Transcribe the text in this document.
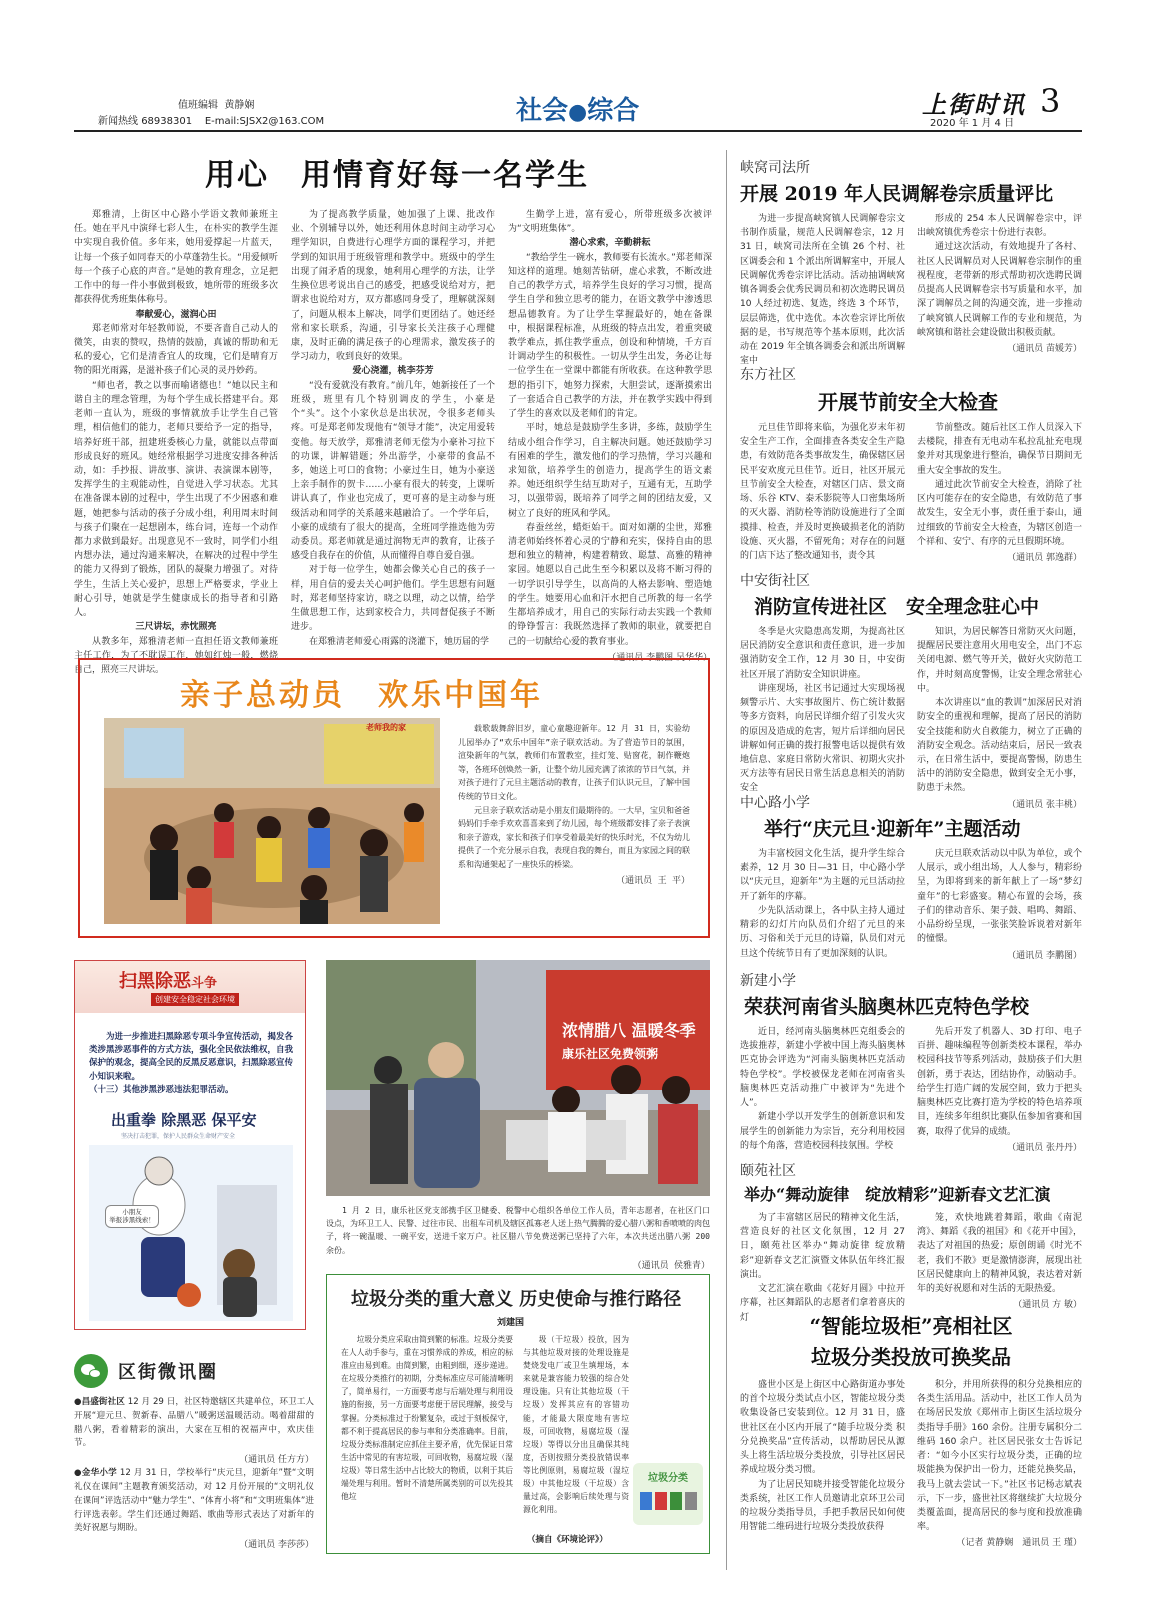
值班编辑 黄静娴
新闻热线 68938301 E-mail:SJSX2@163.COM	社会●综合	上街时讯 3
2020 年 1 月 4 日
用心　用情育好每一名学生

郑雅清，上街区中心路小学语文教师兼班主任。她在平凡中演绎七彩人生，在朴实的教学生涯中实现自我价值。多年来，她用爱撑起一片蓝天，让每一个孩子如同春天的小草蓬勃生长。“用爱倾听每一个孩子心底的声音。”是她的教育理念，立足把工作中的每一件小事做到极致，她所带的班级多次都获得优秀班集体称号。

奉献爱心，滋润心田

郑老师常对年轻教师说，不要吝啬自己动人的微笑，由衷的赞叹，热情的鼓励，真诚的帮助和无私的爱心，它们是清香宜人的玫瑰，它们是晴育万物的阳光雨露，是滋补孩子们心灵的灵丹妙药。

“师也者，教之以事而喻诸德也！”她以民主和谐自主的理念管理，为每个学生成长搭建平台。郑老师一直认为，班级的事情就放手让学生自己管理，相信他们的能力，老师只要给予一定的指导，培养好班干部，扭建班委核心力量，就能以点带面形成良好的班风。她经常根据学习进度安排各种活动，如：手抄报、讲故事、演讲、表演课本剧等，发挥学生的主观能动性，自觉进入学习状态。尤其在准备课本剧的过程中，学生出现了不少困惑和难题，她把参与活动的孩子分成小组，利用周末时间与孩子们聚在一起想剧本，练台词，连每一个动作都力求做到最好。出现意见不一致时，同学们小组内想办法，通过沟通来解决，在解决的过程中学生的能力又得到了锻炼，团队的凝聚力增强了。对待学生，生活上关心爱护，思想上严格要求，学业上耐心引导，她就是学生健康成长的指导者和引路人。

三尺讲坛，赤忱照亮

从教多年，郑雅清老师一直担任语文教师兼班主任工作，为了不耽误工作，她如红烛一般，燃烧自己，照亮三尺讲坛。

为了提高教学质量，她加强了上课、批改作业、个别辅导以外，她还利用休息时间主动学习心理学知识，自费进行心理学方面的课程学习，并把学到的知识用于班级管理和教学中。班级中的学生出现了闹矛盾的现象，她利用心理学的方法，让学生换位思考说出自己的感受，把感受说给对方，把谓求也说给对方，双方都感同身受了，理解就深刻了，问题从根本上解决，同学们更团结了。她还经常和家长联系，沟通，引导家长关注孩子心理健康，及时正确的满足孩子的心理需求，激发孩子的学习动力，收到良好的效果。

爱心浇灌，桃李芬芳

“没有爱就没有教育。”前几年，她新接任了一个班级，班里有几个特别调皮的学生，小豪是个“头”。这个小家伙总是出状况，令很多老师头疼。可是郑老师发现他有“领导才能”，决定用爱转变他。每天放学，郑雅清老师无偿为小豪补习拉下的功课，讲解错题；外出游学，小豪带的食品不多，她送上可口的食物；小豪过生日，她为小豪送上亲手制作的贺卡……小豪有很大的转变，上课听讲认真了，作业也完成了，更可喜的是主动参与班级活动和同学的关系越来越融洽了。一个学年后，小豪的成绩有了很大的提高，全班同学推选他为劳动委员。郑老师就是通过润物无声的教育，让孩子感受自我存在的价值，从而懂得自尊自爱自强。

对于每一位学生，她都会像关心自己的孩子一样，用自信的爱去关心呵护他们。学生思想有问题时，郑老师坚持家访，晓之以理，动之以情，给学生做思想工作，达到家校合力，共同督促孩子不断进步。

在郑雅清老师爱心雨露的浇灌下，她历届的学

生勤学上进，富有爱心，所带班级多次被评为“文明班集体”。

潜心求索，辛勤耕耘

“教给学生一碗水，教师要有长流水。”郑老师深知这样的道理。她刻苦钻研，虚心求教，不断改进自己的教学方式，培养学生良好的学习习惯，提高学生自学和独立思考的能力，在语文教学中渗透思想品德教育。为了让学生掌握最好的，她在备课中，根据课程标准，从班级的特点出发，着重突破教学难点，抓住教学重点，创设和种情境，千方百计调动学生的积极性。一切从学生出发，务必让每一位学生在一堂课中都能有所收获。在这种教学思想的指引下，她努力探索，大胆尝试，逐渐摸索出了一套适合自己教学的方法，并在教学实践中得到了学生的喜欢以及老师们的肯定。

平时，她总是鼓励学生多讲，多练，鼓励学生结成小组合作学习，自主解决问题。她还鼓励学习有困难的学生，激发他们的学习热情，学习兴趣和求知欲，培养学生的创造力，提高学生的语文素养。她还组织学生结互助对子，互通有无，互助学习，以强带弱，既培养了同学之间的团结友爱，又树立了良好的班风和学风。

春蚕丝丝，蜡炬始干。面对如潮的尘世，郑雅清老师始终怀着心灵的宁静和充实，保持自由的思想和独立的精神，构建着精致、聪慧、高雅的精神家园。她愿以自己此生至今积累以及将不断习得的一切学识引导学生，以高尚的人格去影响、塑造她的学生。她要用心血和汗水把自己所教的每一名学生都培养成才，用自己的实际行动去实践一个教师的铮铮誓言：我既然选择了教师的职业，就要把自己的一切献给心爱的教育事业。

（通讯员 李鹏图 吴华华）
亲子总动员　欢乐中国年
老师我的家	载歌载舞辞旧岁，童心童趣迎新年。12 月 31 日，实验幼儿园举办了“欢乐中国年”亲子联欢活动。为了营造节日的氛围，渲染新年的气氛，教师们布置教室，挂灯笼、贴窗花，制作鞭炮等，各班环创焕然一新，让整个幼儿园充满了浓浓的节日气氛，并对孩子进行了元旦主题活动的教育，让孩子们认识元旦，了解中国传统的节日文化。

元旦亲子联欢活动是小朋友们最期待的。一大早，宝贝和爸爸妈妈们手牵手欢欢喜喜来到了幼儿园，每个班级都安排了亲子表演和亲子游戏，家长和孩子们享受着最美好的快乐时光，不仅为幼儿提供了一个充分展示自我，表现自我的舞台，而且为家园之间的联系和沟通架起了一座快乐的桥梁。

（通讯员 王 平）
扫黑除恶斗争
创建安全稳定社会环境

为进一步推进扫黑除恶专项斗争宣传活动，揭发各类涉黑涉恶事件的方式方法，强化全民依法维权，自我保护的观念，提高全民的反黑反恶意识，扫黑除恶宣传小知识来啦。

（十三）其他涉黑涉恶违法犯罪活动。

出重拳 除黑恶 保平安
坚决打击犯罪，保护人民群众生命财产安全
小朋友
举报涉黑线索！
浓情腊八 温暖冬季
康乐社区免费领粥

1 月 2 日，康乐社区党支部携手区卫健委、税警中心组织各单位工作人员，青年志愿者，在社区门口设点，为环卫工人、民警、过往市民、出租车司机及辖区孤寡老人送上热气腾腾的爱心腊八粥和香喷喷的肉包子，将一碗温暖、一碗平安，送进千家万户。社区腊八节免费送粥已坚持了六年，本次共送出腊八粥 200 余份。

（通讯员 侯雅青）
垃圾分类的重大意义 历史使命与推行路径
刘建国

垃圾分类应采取由简到繁的标准。垃圾分类要在人人动手参与，重在习惯养成的养成，相应的标准应由易到难。由简到繁，由粗到细，逐步递进。在垃圾分类推行的初期，分类标准应尽可能清晰明了，简单易行，一方面要考虑与后端处理与利用设施的衔接，另一方面要考虑便于居民理解，接受与掌握。分类标准过于纷繁复杂，或过于刻板保守，都不利于提高居民的参与率和分类准确率。目前，垃圾分类标准制定应抓住主要矛盾，优先保证日常生活中常见的有害垃圾，可回收物，易腐垃圾（湿垃圾）等日常生活中占比较大的物质，以利于其后端处理与利用。暂时不清楚所属类别的可以先投其他垃

圾（干垃圾）投放，因为与其他垃圾对接的处理设施是焚烧发电厂或卫生填埋场，本来就是兼容能力较强的综合处理设施。只有让其他垃圾（干垃圾）发挥其应有的容错功能，才能最大限度地有害垃圾，可回收物，易腐垃圾（湿垃圾）等得以分出且确保其纯度，否则按照分类投放错误率等比例原则，易腐垃圾（湿垃圾）中其他垃圾（干垃圾）含量过高，会影响后续处理与资源化利用。

垃圾分类
（摘自《环境论评》）
区街微讯圈
●昌盛街社区 12 月 29 日，社区特邀辖区共建单位，环卫工人开展“迎元旦、贺新春、品腊八”暖粥送温暖活动。喝着甜甜的腊八粥，看着精彩的演出，大家在互相的祝福声中，欢庆佳节。
（通讯员 任方方）
●金华小学 12 月 31 日，学校举行“庆元旦，迎新年”暨“文明礼仪在课间”主题教育颁奖活动，对 12 月份开展的“文明礼仪在课间”评选活动中“魅力学生”、“体育小将”和“文明班集体”进行评选表彰。学生们还通过舞蹈、歌曲等形式表达了对新年的美好祝愿与期盼。
（通讯员 李莎莎）
峡窝司法所
开展 2019 年人民调解卷宗质量评比

为进一步提高峡窝镇人民调解卷宗文书制作质量，规范人民调解卷宗，12 月 31 日，峡窝司法所在全镇 26 个村、社区调委会和 1 个派出所调解室中，开展人民调解优秀卷宗评比活动。活动抽调峡窝镇各调委会优秀民调员和初次选聘民调员 10 人经过初选、复选，终选 3 个环节，层层筛选，优中选优。本次卷宗评比所依据的是，书写规范等个基本原则，此次活动在 2019 年全镇各调委会和派出所调解室中

形成的 254 本人民调解卷宗中，评出峡窝镇优秀卷宗十份进行表彰。

通过这次活动，有效地提升了各村、社区人民调解员对人民调解卷宗制作的重视程度，老带新的形式帮助初次选聘民调员提高人民调解卷宗书写质量和水平，加深了调解员之间的沟通交流，进一步推动了峡窝镇人民调解工作的专业和规范，为峡窝镇和谐社会建设做出积极贡献。

（通讯员 苗媛芳）
东方社区
开展节前安全大检查

元旦佳节即将来临，为强化岁末年初安全生产工作，全面排查各类安全生产隐患，有效防范各类事故发生，确保辖区居民平安欢度元旦佳节。近日，社区开展元旦节前安全大检查，对辖区门店、景文商场、乐谷 KTV、泰禾影院等人口密集场所的灭火器、消防栓等消防设施进行了全面摸排、检查，并及时更换破损老化的消防设施、灭火器，不留死角；对存在的问题的门店下达了整改通知书，责令其

节前整改。随后社区工作人员深入下去楼院，排查有无电动车私拉乱扯充电现象并对其现象进行整治，确保节日期间无重大安全事故的发生。

通过此次节前安全大检查，消除了社区内可能存在的安全隐患，有效防范了事故发生，安全无小事，责任重于泰山，通过细致的节前安全大检查，为辖区创造一个祥和、安宁、有序的元旦假期环境。

（通讯员 郭逸群）
中安街社区
消防宣传进社区　安全理念驻心中

冬季是火灾隐患高发期，为提高社区居民消防安全意识和责任意识，进一步加强消防安全工作，12 月 30 日，中安街社区开展了消防安全知识讲座。

讲座现场，社区书记通过大实现场视频警示片、大实事故图片、伤亡统计数据等多方资料，向居民详细介绍了引发火灾的原因及造成的危害，短片后详细向居民讲解如何正确的拨打报警电话以提供有效地信息、家庭日常防火常识、初期火灾扑灭方法等有居民日常生活息息相关的消防安全

知识，为居民解答日常防灭火问题，提醒居民要注意用火用电安全，出门不忘关闭电源、燃气等开关，做好火灾防范工作，并时刻高度警惕，让安全理念常驻心中。

本次讲座以“血的教训”加深居民对消防安全的重视和理解，提高了居民的消防安全技能和防火自救能力，树立了正确的消防安全观念。活动结束后，居民一致表示，在日常生活中，要提高警惕，防患生活中的消防安全隐患，做到安全无小事，防患于未然。

（通讯员 张丰桃）
中心路小学
举行“庆元旦·迎新年”主题活动

为丰富校园文化生活，提升学生综合素养，12 月 30 日—31 日，中心路小学以“庆元旦，迎新年”为主题的元旦活动拉开了新年的序幕。

少先队活动课上，各中队主持人通过精彩的幻灯片向队员们介绍了元旦的来历、习俗和关于元旦的诗篇，队员们对元旦这个传统节日有了更加深刻的认识。

庆元旦联欢活动以中队为单位，或个人展示，或小组出场，人人参与，精彩纷呈，为即将到来的新年献上了一场“梦幻童年”的七彩盛宴。精心布置的会场，孩子们的律动音乐、架子鼓、唱鸣、舞蹈、小品纷纷呈现，一张张笑脸诉说着对新年的憧憬。

（通讯员 李鹏图）
新建小学
荣获河南省头脑奥林匹克特色学校

近日，经河南头脑奥林匹克组委会的选拔推荐，新建小学被中国上海头脑奥林匹克协会评选为“河南头脑奥林匹克活动特色学校”。学校被保龙老师在河南省头脑奥林匹克活动推广中被评为“先进个人”。

新建小学以开发学生的创新意识和发展学生的创新能力为宗旨，充分利用校园的每个角落，营造校园科技氛围。学校

先后开发了机器人、3D 打印、电子百拼、趣味编程等创新类校本课程，举办校园科技节等系列活动，鼓励孩子们大胆创新，勇于表达，团结协作，动脑动手。给学生打造广阔的发展空间，致力于把头脑奥林匹克比赛打造为学校的特色培养项目，连续多年组织比赛队伍参加省赛和国赛，取得了优异的成绩。

（通讯员 张丹丹）
颐苑社区
举办“舞动旋律　绽放精彩”迎新春文艺汇演

为了丰富辖区居民的精神文化生活，营造良好的社区文化氛围，12 月 27 日，颐苑社区举办“舞动旋律 绽放精彩”迎新春文艺汇演暨文体队伍年终汇报演出。

文艺汇演在歌曲《花好月圆》中拉开序幕，社区舞蹈队的志愿者们拿着喜庆的灯

笼，欢快地跳着舞蹈，歌曲《南泥湾》、舞蹈《我的祖国》和《花开中国》，表达了对祖国的热爱；原创朗诵《时光不老，我们不散》更是激情澎湃，展现出社区居民健康向上的精神风貌，表达着对新年的美好祝愿和对生活的无限热爱。

（通讯员 方 敏）
“智能垃圾柜”亮相社区
垃圾分类投放可换奖品

盛世小区是上街区中心路街道办事处的首个垃圾分类试点小区，智能垃圾分类收集设备已安装到位。12 月 31 日，盛世社区在小区内开展了“随手垃圾分类 积分兑换奖品”宣传活动，以帮助居民从源头上将生活垃圾分类投放，引导社区居民养成垃圾分类习惯。

为了让居民知晓并接受智能化垃圾分类系统，社区工作人员邀请北京环卫公司的垃圾分类指导员，手把手教居民如何使用智能二维码进行垃圾分类投放获得

积分，并用所获得的积分兑换相应的各类生活用品。活动中，社区工作人员为在场居民发放《郑州市上街区生活垃圾分类指导手册》160 余份。注册专属积分二维码 160 余户。社区居民张女士告诉记者：“如今小区实行垃圾分类，正确的垃圾能换为保护出一份力，还能兑换奖品，我马上就去尝试一下。”社区书记杨志斌表示，下一步，盛世社区将继续扩大垃圾分类覆盖面，提高居民的参与度和投放准确率。

（记者 黄静娴　通讯员 王 瑾）
